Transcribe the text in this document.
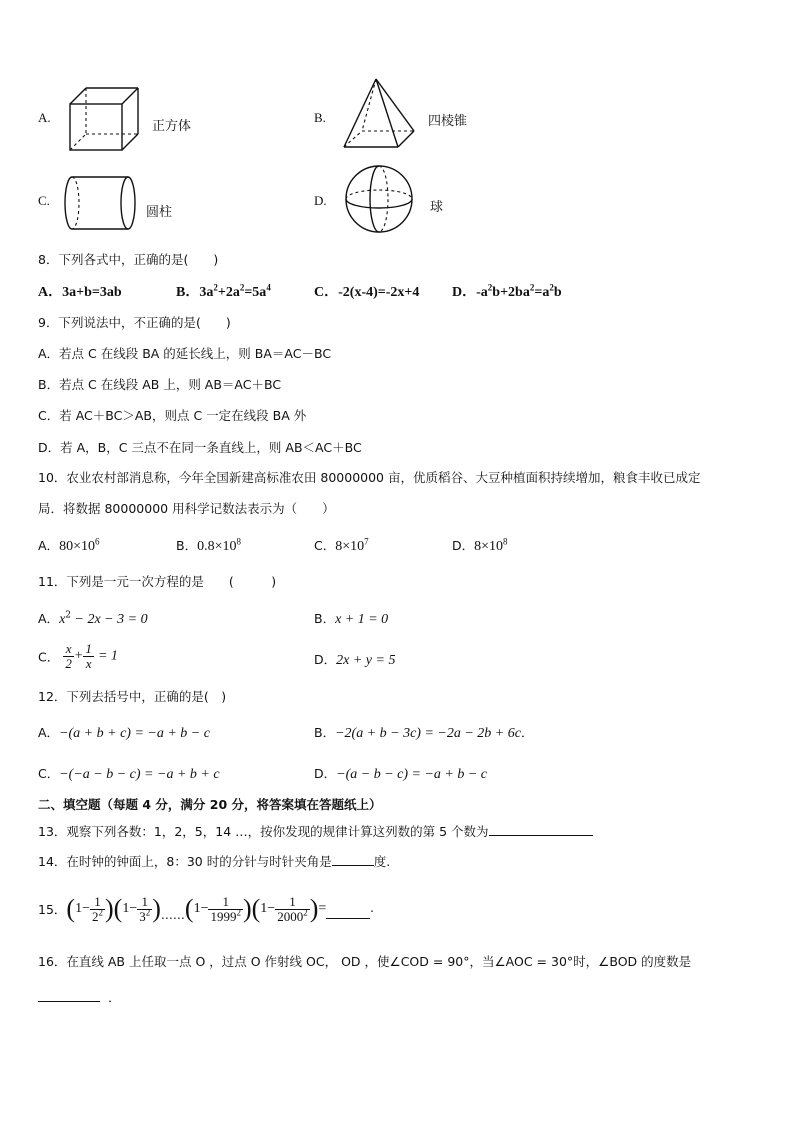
A.
正方体
B.	四棱锥
C.
圆柱
D.	球
8．下列各式中，正确的是(　　)
A．3a+b=3ab	B．$3a^2+2a^2=5a^4$	C．-2(x-4)=-2x+4 D．$-a^2b+2ba^2=a^2b$
9．下列说法中，不正确的是(　　)
A．若点 C 在线段 BA 的延长线上，则 BA＝AC－BC
B．若点 C 在线段 AB 上，则 AB＝AC＋BC
C．若 AC＋BC＞AB，则点 C 一定在线段 BA 外
D．若 A，B，C 三点不在同一条直线上，则 AB＜AC＋BC
10．农业农村部消息称，今年全国新建高标准农田 80000000 亩，优质稻谷、大豆种植面积持续增加，粮食丰收已成定
局．将数据 80000000 用科学记数法表示为（　　）
A．$80\times 10^6$	B．$0.8\times 10^8$	C．$8\times 10^7$	D．$8\times 10^8$
11．下列是一元一次方程的是　　(　　　)
A．$x^2 - 2x - 3 = 0$	B．x + 1 = 0
C． $\frac{x}{2} + \frac{1}{x} = 1$	D．2x + y = 5
12．下列去括号中，正确的是(　)
A．−(a + b + c) = −a + b − c	B．−2(a + b − 3c) = −2a − 2b + 6c．
C．−(−a − b − c) = −a + b + c	D．−(a − b − c) = −a + b − c
二、填空题（每题 4 分，满分 20 分，将答案填在答题纸上）
13．观察下列各数：1，2，5，14 …，按你发现的规律计算这列数的第 5 个数为
14．在时钟的钟面上，8：30 时的分针与时针夹角是	度.
15． ( $1- \frac{1}{2^2}$ )( $1- \frac{1}{3^2}$ ) …… ( $1- \frac{1}{1999^2}$ )( $1- \frac{1}{2000^2}$ ) =	.
16．在直线 AB 上任取一点 O ，过点 O 作射线 OC， OD ，使∠COD = 90°，当∠AOC = 30°时，∠BOD 的度数是
．
